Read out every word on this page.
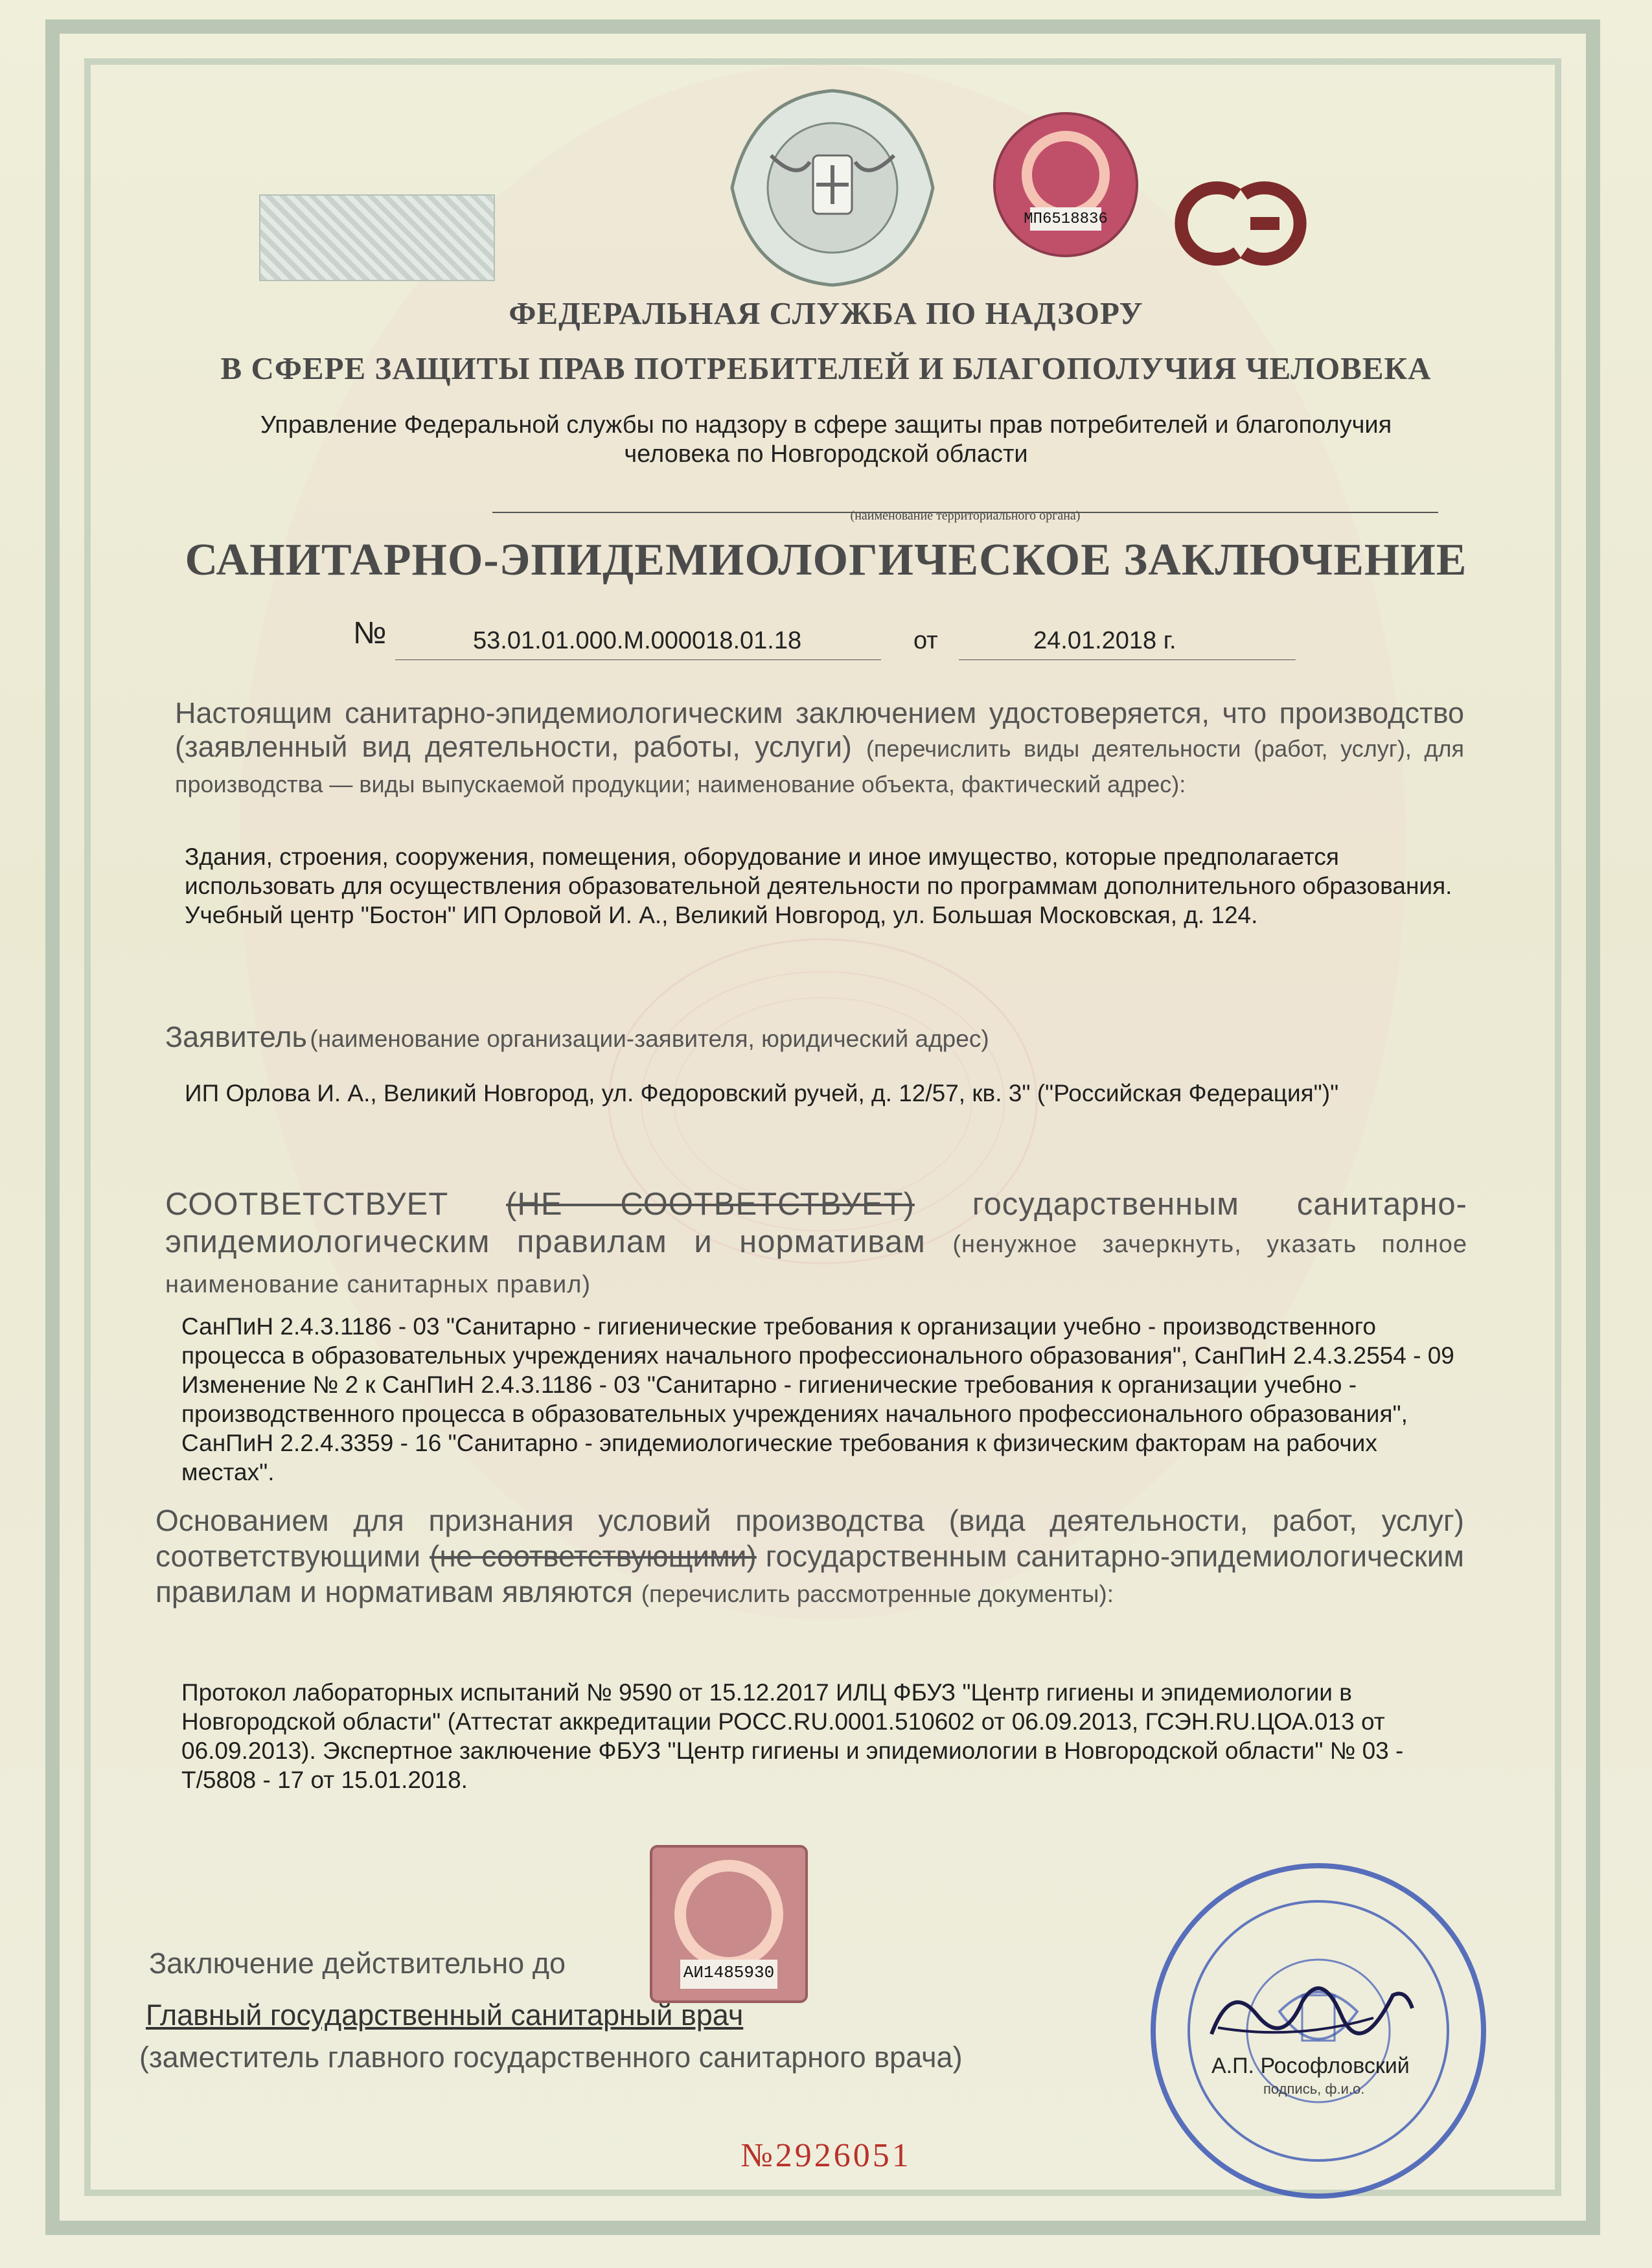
МП6518836
ФЕДЕРАЛЬНАЯ СЛУЖБА ПО НАДЗОРУ
В СФЕРЕ ЗАЩИТЫ ПРАВ ПОТРЕБИТЕЛЕЙ И БЛАГОПОЛУЧИЯ ЧЕЛОВЕКА
Управление Федеральной службы по надзору в сфере защиты прав потребителей и благополучия
человека по Новгородской области
(наименование территориального органа)
САНИТАРНО-ЭПИДЕМИОЛОГИЧЕСКОЕ ЗАКЛЮЧЕНИЕ
№	53.01.01.000.М.000018.01.18	от	24.01.2018 г.
Настоящим санитарно-эпидемиологическим заключением удостоверяется, что производство (заявленный вид деятельности, работы, услуги) (перечислить виды деятельности (работ, услуг), для производства — виды выпускаемой продукции; наименование объекта, фактический адрес):
Здания, строения, сооружения, помещения, оборудование и иное имущество, которые предполагается использовать для осуществления образовательной деятельности по программам дополнительного образования. Учебный центр "Бостон" ИП Орловой И. А., Великий Новгород, ул. Большая Московская, д. 124.
Заявитель (наименование организации-заявителя, юридический адрес)
ИП Орлова И. А., Великий Новгород, ул. Федоровский ручей, д. 12/57, кв. 3" ("Российская Федерация")"
СООТВЕТСТВУЕТ (НЕ СООТВЕТСТВУЕТ) государственным санитарно-эпидемиологическим правилам и нормативам (ненужное зачеркнуть, указать полное наименование санитарных правил)
СанПиН 2.4.3.1186 - 03 "Санитарно - гигиенические требования к организации учебно - производственного процесса в образовательных учреждениях начального профессионального образования", СанПиН 2.4.3.2554 - 09 Изменение № 2 к СанПиН 2.4.3.1186 - 03 "Санитарно - гигиенические требования к организации учебно - производственного процесса в образовательных учреждениях начального профессионального образования", СанПиН 2.2.4.3359 - 16 "Санитарно - эпидемиологические требования к физическим факторам на рабочих местах".
Основанием для признания условий производства (вида деятельности, работ, услуг) соответствующими (не соответствующими) государственным санитарно-эпидемиологическим правилам и нормативам являются (перечислить рассмотренные документы):
Протокол лабораторных испытаний № 9590 от 15.12.2017 ИЛЦ ФБУЗ "Центр гигиены и эпидемиологии в Новгородской области" (Аттестат аккредитации РОСС.RU.0001.510602 от 06.09.2013, ГСЭН.RU.ЦОА.013 от 06.09.2013). Экспертное заключение ФБУЗ "Центр гигиены и эпидемиологии в Новгородской области" № 03 - Т/5808 - 17 от 15.01.2018.
АИ1485930
Заключение действительно до
Главный государственный санитарный врач
(заместитель главного государственного санитарного врача)	А.П. Рософловский
подпись, ф.и.о.
№2926051
